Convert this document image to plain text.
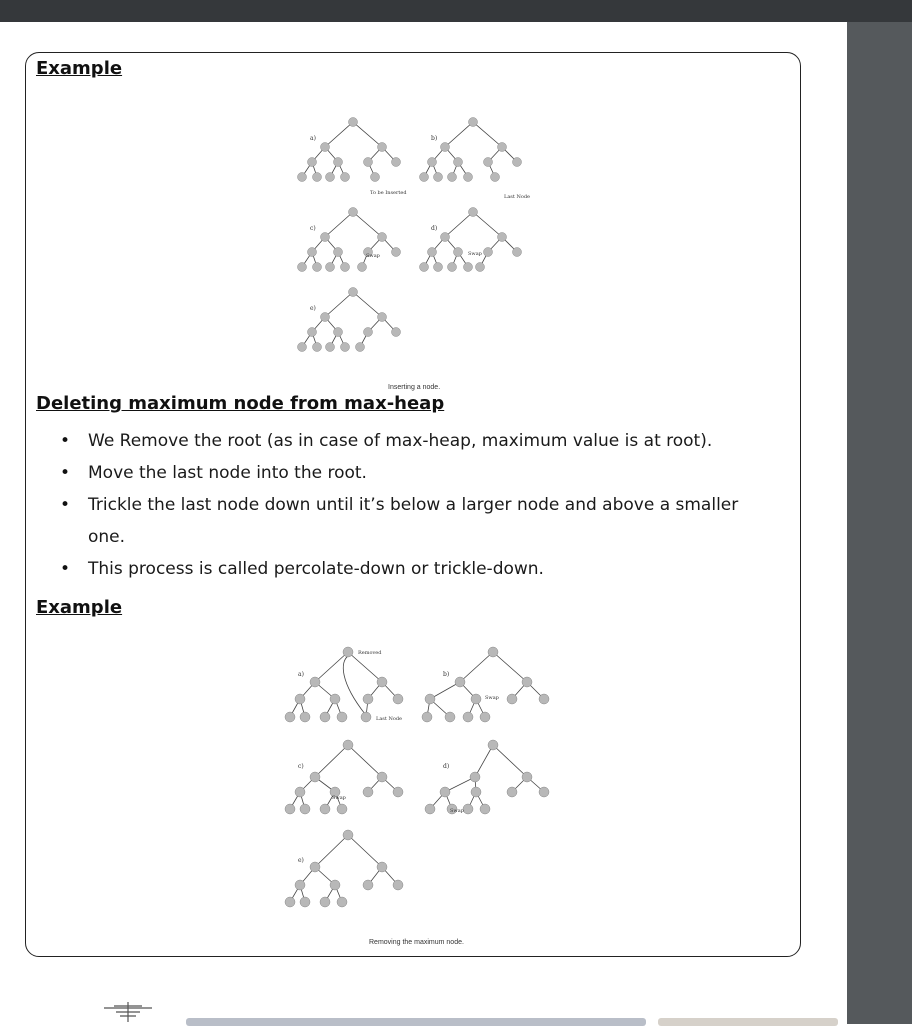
Example
a)	b)
c)	d)
e)
To be Inserted
Last Node
Swap	Swap
Inserting a node.
Deleting maximum node from max-heap
• We Remove the root (as in case of max-heap, maximum value is at root).
• Move the last node into the root.
• Trickle the last node down until it’s below a larger node and above a smaller one.
• This process is called percolate-down or trickle-down.
Example
a)	b)
c)	d)
e)
Removed
Last Node
Swap
Swap
Swap
Removing the maximum node.
